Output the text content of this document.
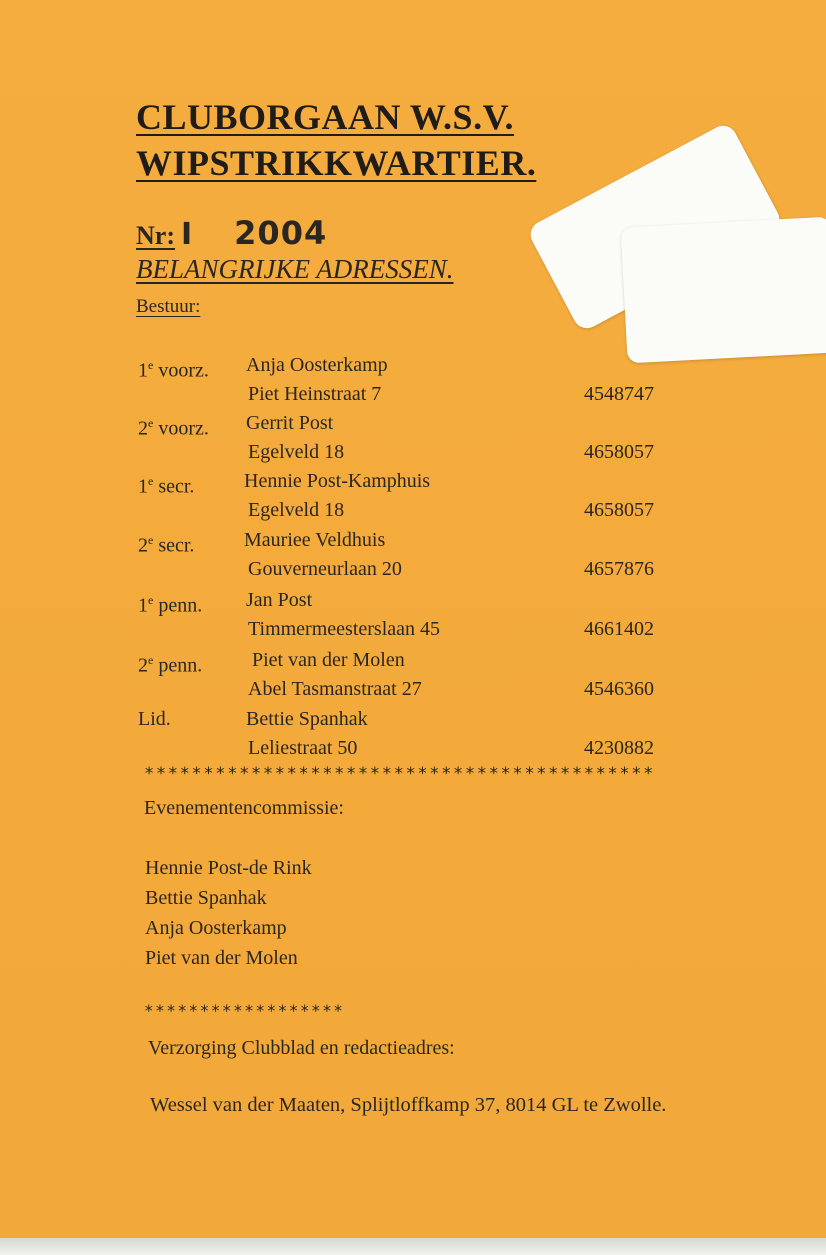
CLUBORGAAN W.S.V.
WIPSTRIKKWARTIER.
Nr: I 2004
BELANGRIJKE ADRESSEN.
Bestuur:
1e voorz. Anja Oosterkamp
Piet Heinstraat 7	4548747
2e voorz. Gerrit Post
Egelveld 18	4658057
1e secr. Hennie Post-Kamphuis
Egelveld 18	4658057
2e secr. Mauriee Veldhuis
Gouverneurlaan 20	4657876
1e penn. Jan Post
Timmermeesterslaan 45	4661402
2e penn. Piet van der Molen
Abel Tasmanstraat 27	4546360
Lid.	Bettie Spanhak
Leliestraat 50	4230882
*******************************************
Evenementencommissie:
Hennie Post-de Rink
Bettie Spanhak
Anja Oosterkamp
Piet van der Molen
******************
Verzorging Clubblad en redactieadres:
Wessel van der Maaten, Splijtloffkamp 37, 8014 GL te Zwolle.
